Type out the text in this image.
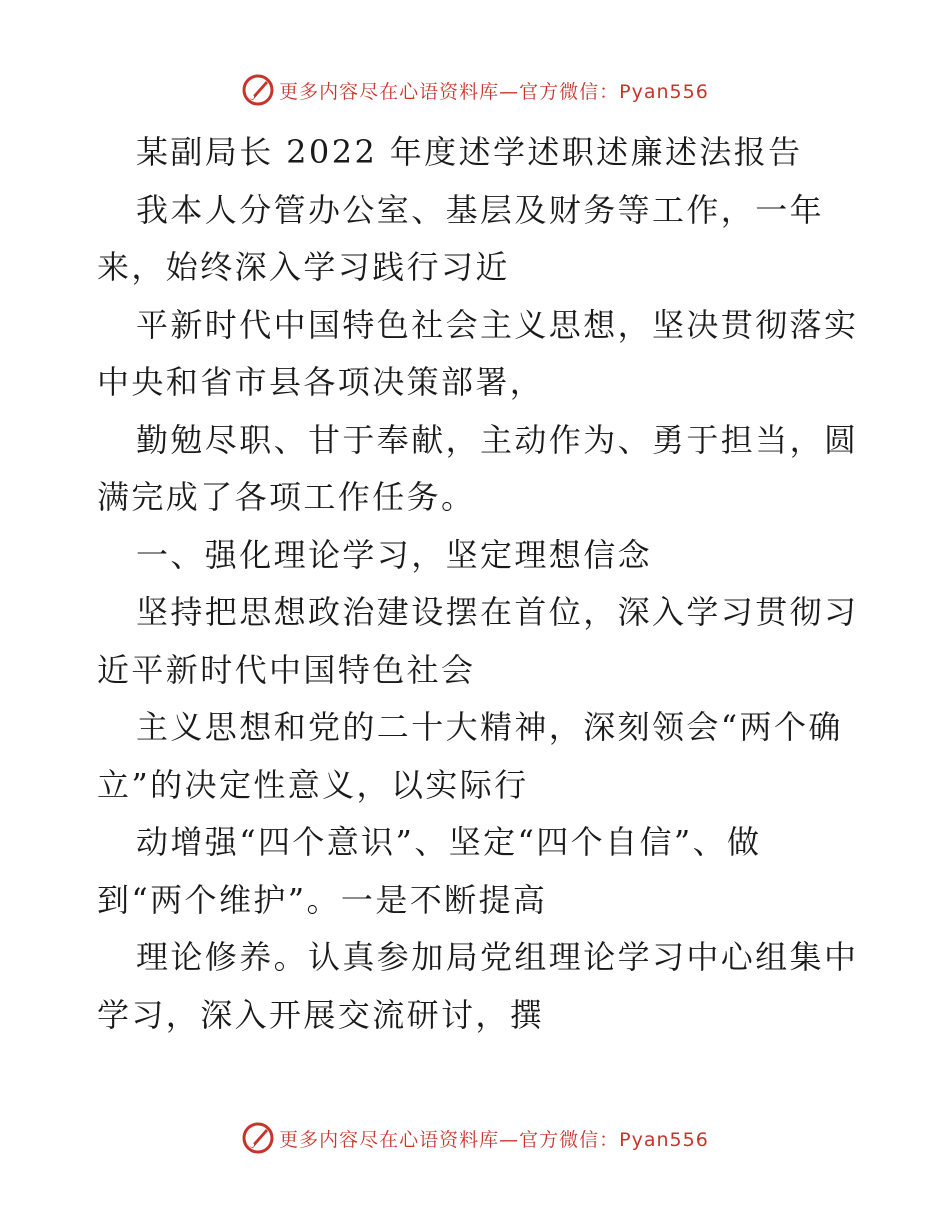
更多内容尽在心语资料库—官方微信：Pyan556
某副局长 2022 年度述学述职述廉述法报告
我本人分管办公室、基层及财务等工作，一年
来，始终深入学习践行习近
平新时代中国特色社会主义思想，坚决贯彻落实
中央和省市县各项决策部署，
勤勉尽职、甘于奉献，主动作为、勇于担当，圆
满完成了各项工作任务。
一、强化理论学习，坚定理想信念
坚持把思想政治建设摆在首位，深入学习贯彻习
近平新时代中国特色社会
主义思想和党的二十大精神，深刻领会“两个确
立”的决定性意义，以实际行
动增强“四个意识”、坚定“四个自信”、做
到“两个维护”。一是不断提高
理论修养。认真参加局党组理论学习中心组集中
学习，深入开展交流研讨，撰
更多内容尽在心语资料库—官方微信：Pyan556
